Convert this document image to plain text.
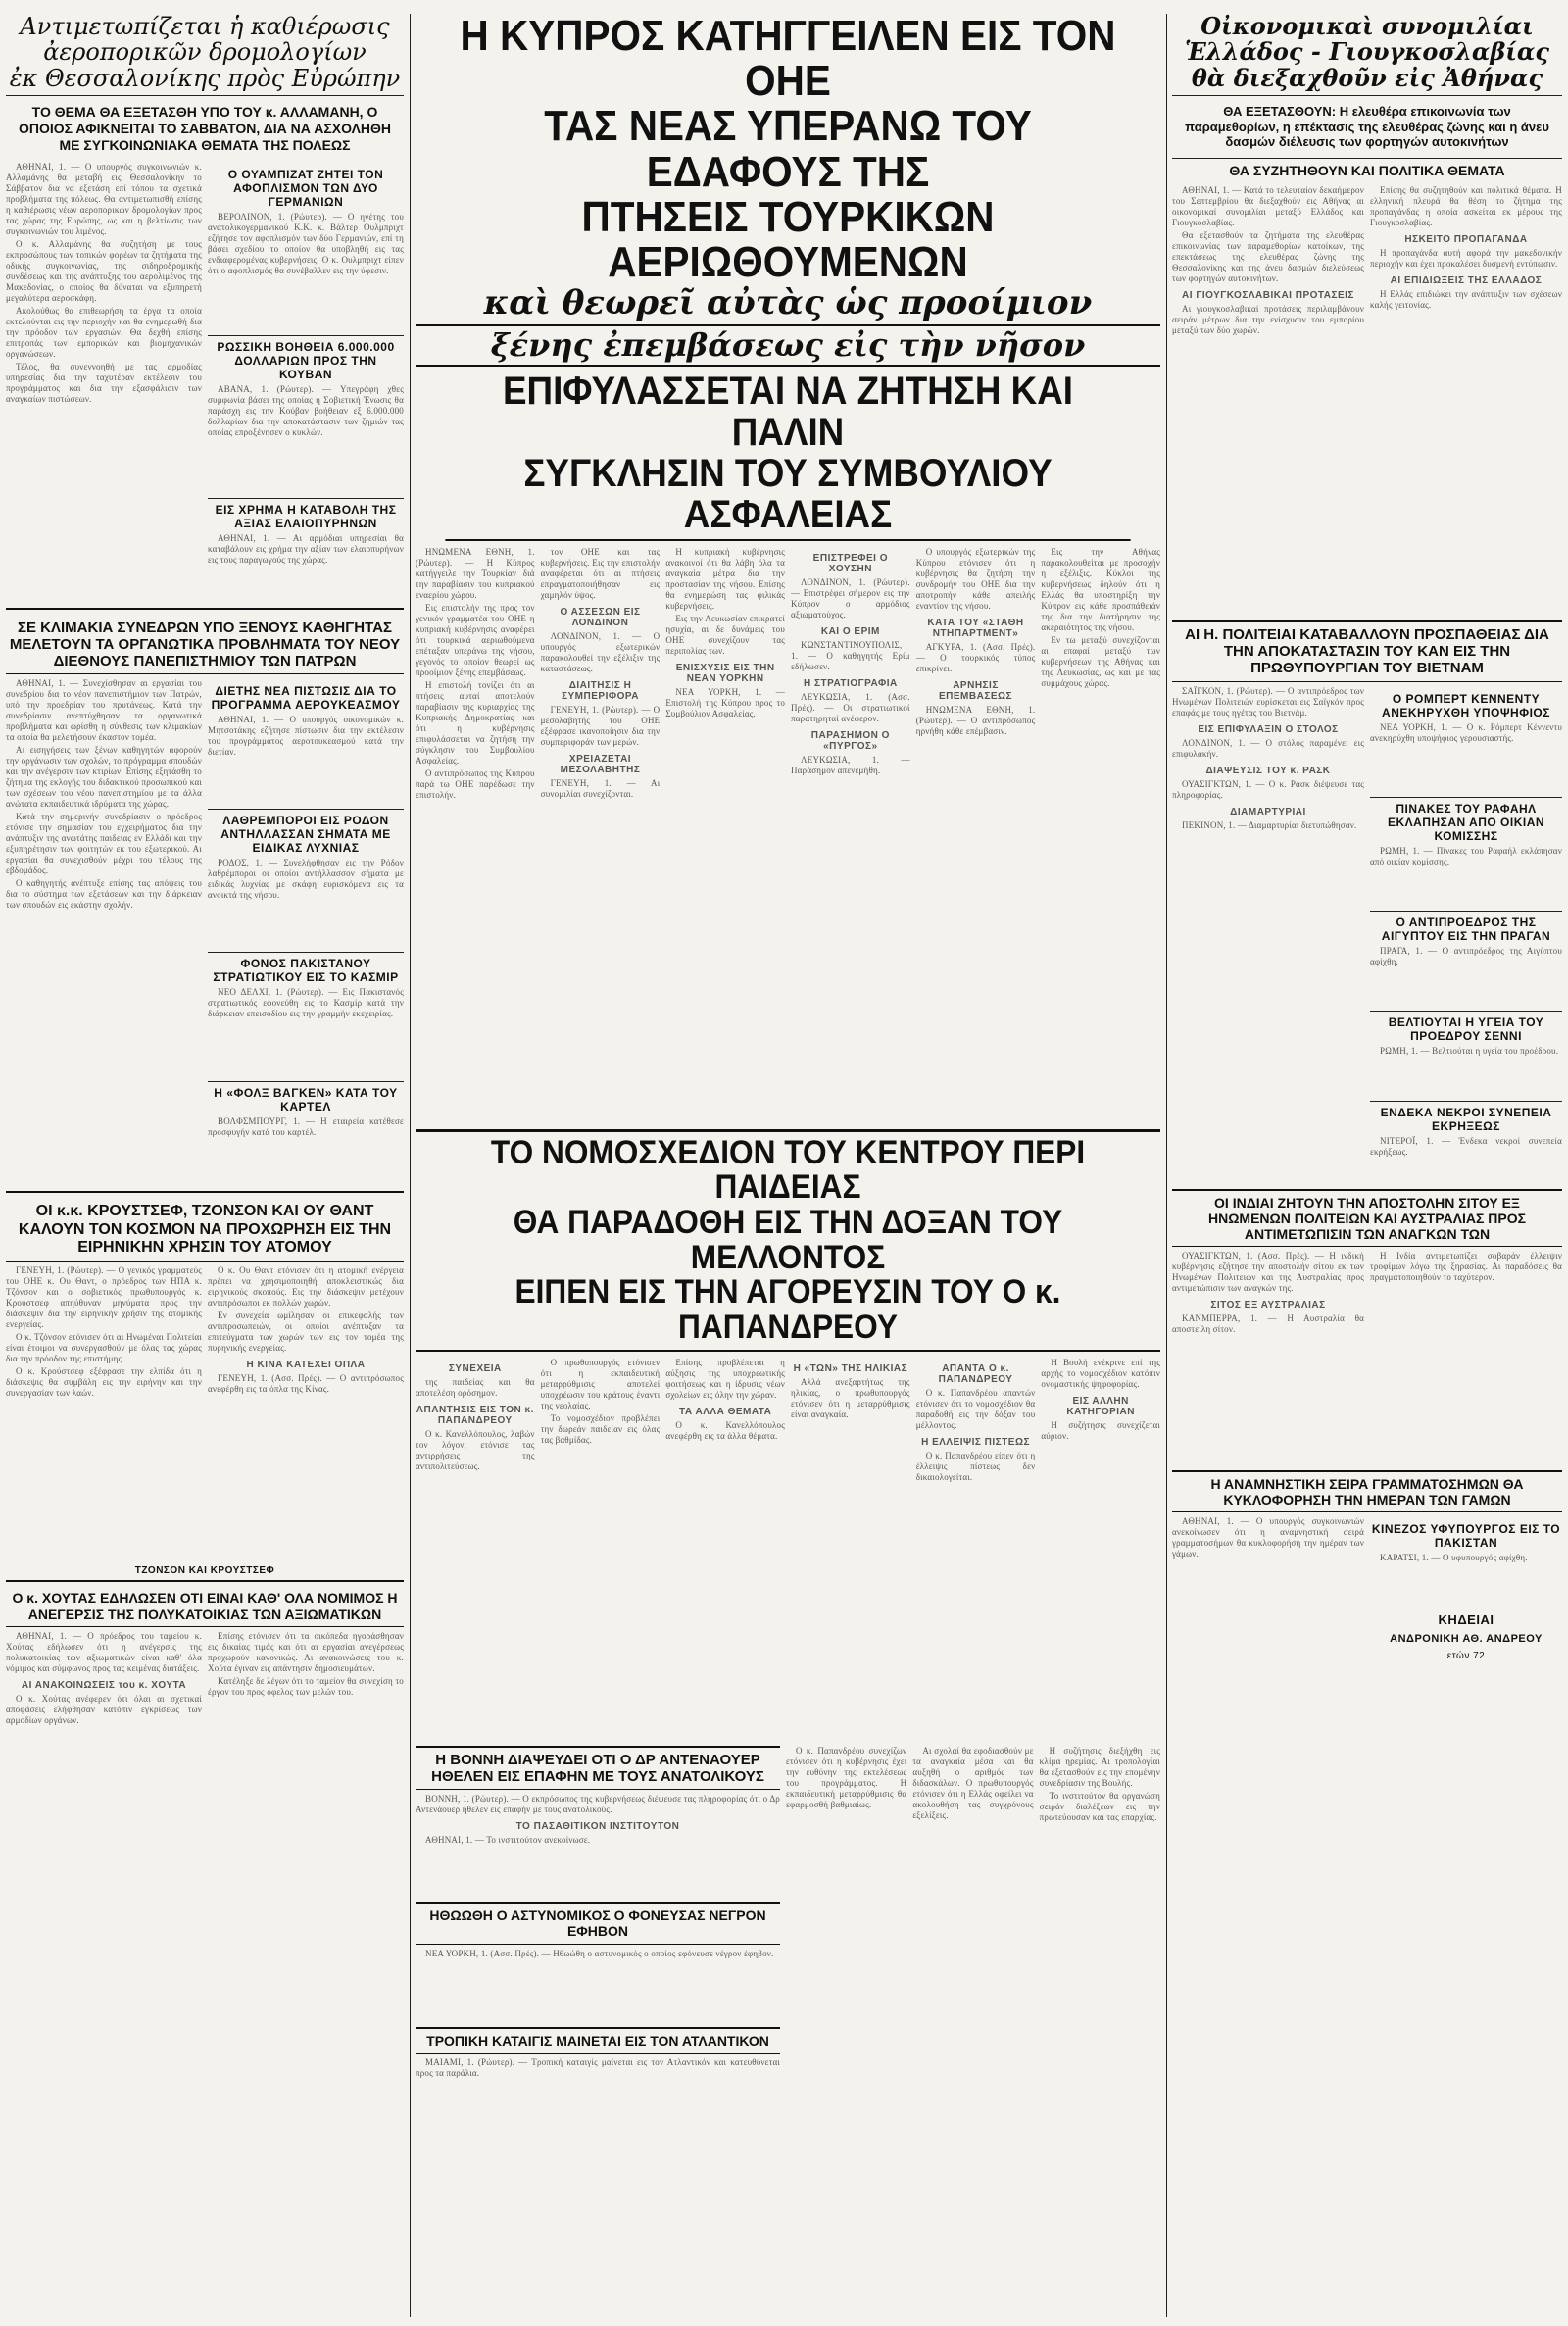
Αντιμετωπίζεται ἡ καθιέρωσις
ἀεροπορικῶν δρομολογίων
ἐκ Θεσσαλονίκης πρὸς Εὐρώπην
ΤΟ ΘΕΜΑ ΘΑ ΕΞΕΤΑΣΘΗ ΥΠΟ ΤΟΥ κ. ΑΛΛΑΜΑΝΗ, Ο ΟΠΟΙΟΣ ΑΦΙΚΝΕΙΤΑΙ ΤΟ ΣΑΒΒΑΤΟΝ, ΔΙΑ ΝΑ ΑΣΧΟΛΗΘΗ ΜΕ ΣΥΓΚΟΙΝΩΝΙΑΚΑ ΘΕΜΑΤΑ ΤΗΣ ΠΟΛΕΩΣ

ΑΘΗΝΑΙ, 1. — Ο υπουργός συγκοινωνιών κ. Αλλαμάνης θα μεταβή εις Θεσσαλονίκην το Σάββατον δια να εξετάση επί τόπου τα σχετικά προβλήματα της πόλεως. Θα αντιμετωπισθή επίσης η καθιέρωσις νέων αεροπορικών δρομολογίων προς τας χώρας της Ευρώπης, ως και η βελτίωσις των συγκοινωνιών του λιμένος.

Ο κ. Αλλαμάνης θα συζητήση με τους εκπροσώπους των τοπικών φορέων τα ζητήματα της οδικής συγκοινωνίας, της σιδηροδρομικής συνδέσεως και της ανάπτυξης του αερολιμένος της Μακεδονίας, ο οποίος θα δύναται να εξυπηρετή μεγαλύτερα αεροσκάφη.

Ακολούθως θα επιθεωρήση τα έργα τα οποία εκτελούνται εις την περιοχήν και θα ενημερωθή δια την πρόοδον των εργασιών. Θα δεχθή επίσης επιτροπάς των εμπορικών και βιομηχανικών οργανώσεων.

Τέλος, θα συνεννοηθή με τας αρμοδίας υπηρεσίας δια την ταχυτέραν εκτέλεσιν του προγράμματος και δια την εξασφάλισιν των αναγκαίων πιστώσεων.

Ο ΟΥΑΜΠΙΖΑΤ ΖΗΤΕΙ ΤΟΝ ΑΦΟΠΛΙΣΜΟΝ ΤΩΝ ΔΥΟ ΓΕΡΜΑΝΙΩΝ

ΒΕΡΟΛΙΝΟΝ, 1. (Ρώυτερ). — Ο ηγέτης του ανατολικογερμανικού Κ.Κ. κ. Βάλτερ Ουλμπριχτ εζήτησε τον αφοπλισμόν των δύο Γερμανιών, επί τη βάσει σχεδίου το οποίον θα υποβληθή εις τας ενδιαφερομένας κυβερνήσεις. Ο κ. Ουλμπριχτ είπεν ότι ο αφοπλισμός θα συνέβαλλεν εις την ύφεσιν.

ΡΩΣΣΙΚΗ ΒΟΗΘΕΙΑ 6.000.000 ΔΟΛΛΑΡΙΩΝ ΠΡΟΣ ΤΗΝ ΚΟΥΒΑΝ

ΑΒΑΝΑ, 1. (Ρώυτερ). — Υπεγράφη χθες συμφωνία βάσει της οποίας η Σοβιετική Ένωσις θα παράσχη εις την Κούβαν βοήθειαν εξ 6.000.000 δολλαρίων δια την αποκατάστασιν των ζημιών τας οποίας επροξένησεν ο κυκλών.

ΕΙΣ ΧΡΗΜΑ Η ΚΑΤΑΒΟΛΗ ΤΗΣ ΑΞΙΑΣ ΕΛΑΙΟΠΥΡΗΝΩΝ

ΑΘΗΝΑΙ, 1. — Αι αρμόδιαι υπηρεσίαι θα καταβάλουν εις χρήμα την αξίαν των ελαιοπυρήνων εις τους παραγωγούς της χώρας.

ΣΕ ΚΛΙΜΑΚΙΑ ΣΥΝΕΔΡΩΝ ΥΠΟ ΞΕΝΟΥΣ ΚΑΘΗΓΗΤΑΣ ΜΕΛΕΤΟΥΝ ΤΑ ΟΡΓΑΝΩΤΙΚΑ ΠΡΟΒΛΗΜΑΤΑ ΤΟΥ ΝΕΟΥ ΔΙΕΘΝΟΥΣ ΠΑΝΕΠΙΣΤΗΜΙΟΥ ΤΩΝ ΠΑΤΡΩΝ

ΑΘΗΝΑΙ, 1. — Συνεχίσθησαν αι εργασίαι του συνεδρίου δια το νέον πανεπιστήμιον των Πατρών, υπό την προεδρίαν του πρυτάνεως. Κατά την συνεδρίασιν ανεπτύχθησαν τα οργανωτικά προβλήματα και ωρίσθη η σύνθεσις των κλιμακίων τα οποία θα μελετήσουν έκαστον τομέα.

Αι εισηγήσεις των ξένων καθηγητών αφορούν την οργάνωσιν των σχολών, το πρόγραμμα σπουδών και την ανέγερσιν των κτιρίων. Επίσης εξητάσθη το ζήτημα της εκλογής του διδακτικού προσωπικού και των σχέσεων του νέου πανεπιστημίου με τα άλλα ανώτατα εκπαιδευτικά ιδρύματα της χώρας.

Κατά την σημερινήν συνεδρίασιν ο πρόεδρος ετόνισε την σημασίαν του εγχειρήματος δια την ανάπτυξιν της ανωτάτης παιδείας εν Ελλάδι και την εξυπηρέτησιν των φοιτητών εκ του εξωτερικού. Αι εργασίαι θα συνεχισθούν μέχρι του τέλους της εβδομάδος.

Ο καθηγητής ανέπτυξε επίσης τας απόψεις του δια το σύστημα των εξετάσεων και την διάρκειαν των σπουδών εις εκάστην σχολήν.

ΔΙΕΤΗΣ ΝΕΑ ΠΙΣΤΩΣΙΣ ΔΙΑ ΤΟ ΠΡΟΓΡΑΜΜΑ ΑΕΡΟΥΚΕΑΣΜΟΥ

ΑΘΗΝΑΙ, 1. — Ο υπουργός οικονομικών κ. Μητσοτάκης εζήτησε πίστωσιν δια την εκτέλεσιν του προγράμματος αεροτουκεασμού κατά την διετίαν.

ΛΑΘΡΕΜΠΟΡΟΙ ΕΙΣ ΡΟΔΟΝ ΑΝΤΗΛΛΑΣΣΑΝ ΣΗΜΑΤΑ ΜΕ ΕΙΔΙΚΑΣ ΛΥΧΝΙΑΣ

ΡΟΔΟΣ, 1. — Συνελήφθησαν εις την Ρόδον λαθρέμποροι οι οποίοι αντήλλασσον σήματα με ειδικάς λυχνίας με σκάφη ευρισκόμενα εις τα ανοικτά της νήσου.

ΦΟΝΟΣ ΠΑΚΙΣΤΑΝΟΥ ΣΤΡΑΤΙΩΤΙΚΟΥ ΕΙΣ ΤΟ ΚΑΣΜΙΡ

ΝΕΟ ΔΕΛΧΙ, 1. (Ρώυτερ). — Εις Πακιστανός στρατιωτικός εφονεύθη εις το Κασμίρ κατά την διάρκειαν επεισοδίου εις την γραμμήν εκεχειρίας.

Η «ΦΟΛΞ ΒΑΓΚΕΝ» ΚΑΤΑ ΤΟΥ ΚΑΡΤΕΛ

ΒΟΛΦΣΜΠΟΥΡΓ, 1. — Η εταιρεία κατέθεσε προσφυγήν κατά του καρτέλ.

ΟΙ κ.κ. ΚΡΟΥΣΤΣΕΦ, ΤΖΟΝΣΟΝ ΚΑΙ ΟΥ ΘΑΝΤ ΚΑΛΟΥΝ ΤΟΝ ΚΟΣΜΟΝ ΝΑ ΠΡΟΧΩΡΗΣΗ ΕΙΣ ΤΗΝ ΕΙΡΗΝΙΚΗΝ ΧΡΗΣΙΝ ΤΟΥ ΑΤΟΜΟΥ

ΓΕΝΕΥΗ, 1. (Ρώυτερ). — Ο γενικός γραμματεύς του ΟΗΕ κ. Ου Θαντ, ο πρόεδρος των ΗΠΑ κ. Τζόνσον και ο σοβιετικός πρωθυπουργός κ. Κρούστσεφ απηύθυναν μηνύματα προς την διάσκεψιν δια την ειρηνικήν χρήσιν της ατομικής ενεργείας.

Ο κ. Τζόνσον ετόνισεν ότι αι Ηνωμέναι Πολιτείαι είναι έτοιμοι να συνεργασθούν με όλας τας χώρας δια την πρόοδον της επιστήμης.

Ο κ. Κρούστσεφ εξέφρασε την ελπίδα ότι η διάσκεψις θα συμβάλη εις την ειρήνην και την συνεργασίαν των λαών.

Ο κ. Ου Θαντ ετόνισεν ότι η ατομική ενέργεια πρέπει να χρησιμοποιηθή αποκλειστικώς δια ειρηνικούς σκοπούς. Εις την διάσκεψιν μετέχουν αντιπρόσωποι εκ πολλών χωρών.

Εν συνεχεία ωμίλησαν οι επικεφαλής των αντιπροσωπειών, οι οποίοι ανέπτυξαν τα επιτεύγματα των χωρών των εις τον τομέα της πυρηνικής ενεργείας.

Η ΚΙΝΑ ΚΑΤΕΧΕΙ ΟΠΛΑ

ΓΕΝΕΥΗ, 1. (Ασσ. Πρές). — Ο αντιπρόσωπος ανεφέρθη εις τα όπλα της Κίνας.

ΤΖΟΝΣΟΝ ΚΑΙ ΚΡΟΥΣΤΣΕΦ
Ο κ. ΧΟΥΤΑΣ ΕΔΗΛΩΣΕΝ ΟΤΙ ΕΙΝΑΙ ΚΑΘ' ΟΛΑ ΝΟΜΙΜΟΣ Η ΑΝΕΓΕΡΣΙΣ ΤΗΣ ΠΟΛΥΚΑΤΟΙΚΙΑΣ ΤΩΝ ΑΞΙΩΜΑΤΙΚΩΝ

ΑΘΗΝΑΙ, 1. — Ο πρόεδρος του ταμείου κ. Χούτας εδήλωσεν ότι η ανέγερσις της πολυκατοικίας των αξιωματικών είναι καθ' όλα νόμιμος και σύμφωνος προς τας κειμένας διατάξεις.

ΑΙ ΑΝΑΚΟΙΝΩΣΕΙΣ του κ. ΧΟΥΤΑ

Ο κ. Χούτας ανέφερεν ότι όλαι αι σχετικαί αποφάσεις ελήφθησαν κατόπιν εγκρίσεως των αρμοδίων οργάνων.

Επίσης ετόνισεν ότι τα οικόπεδα ηγοράσθησαν εις δικαίας τιμάς και ότι αι εργασίαι ανεγέρσεως προχωρούν κανονικώς. Αι ανακοινώσεις του κ. Χούτα έγιναν εις απάντησιν δημοσιευμάτων.

Κατέληξε δε λέγων ότι το ταμείον θα συνεχίση το έργον του προς όφελος των μελών του.

Η ΚΥΠΡΟΣ ΚΑΤΗΓΓΕΙΛΕΝ ΕΙΣ ΤΟΝ ΟΗΕ
ΤΑΣ ΝΕΑΣ ΥΠΕΡΑΝΩ ΤΟΥ ΕΔΑΦΟΥΣ ΤΗΣ
ΠΤΗΣΕΙΣ ΤΟΥΡΚΙΚΩΝ ΑΕΡΙΩΘΟΥΜΕΝΩΝ
καὶ θεωρεῖ αὐτὰς ὡς προοίμιον
ξένης ἐπεμβάσεως εἰς τὴν νῆσον
ΕΠΙΦΥΛΑΣΣΕΤΑΙ ΝΑ ΖΗΤΗΣΗ ΚΑΙ ΠΑΛΙΝ
ΣΥΓΚΛΗΣΙΝ ΤΟΥ ΣΥΜΒΟΥΛΙΟΥ ΑΣΦΑΛΕΙΑΣ

ΗΝΩΜΕΝΑ ΕΘΝΗ, 1. (Ρώυτερ). — Η Κύπρος κατήγγειλε την Τουρκίαν διά την παραβίασιν του κυπριακού εναερίου χώρου.

Εις επιστολήν της προς τον γενικόν γραμματέα του ΟΗΕ η κυπριακή κυβέρνησις αναφέρει ότι τουρκικά αεριωθούμενα επέταξαν υπεράνω της νήσου, γεγονός το οποίον θεωρεί ως προοίμιον ξένης επεμβάσεως.

Η επιστολή τονίζει ότι αι πτήσεις αυταί αποτελούν παραβίασιν της κυριαρχίας της Κυπριακής Δημοκρατίας και ότι η κυβέρνησις επιφυλάσσεται να ζητήση την σύγκλησιν του Συμβουλίου Ασφαλείας.

Ο αντιπρόσωπος της Κύπρου παρά τω ΟΗΕ παρέδωσε την επιστολήν.

τον ΟΗΕ και τας κυβερνήσεις. Εις την επιστολήν αναφέρεται ότι αι πτήσεις επραγματοποιήθησαν εις χαμηλόν ύψος.

Ο ΑΣΣΕΣΩΝ ΕΙΣ ΛΟΝΔΙΝΟΝ

ΛΟΝΔΙΝΟΝ, 1. — Ο υπουργός εξωτερικών παρακολουθεί την εξέλιξιν της καταστάσεως.

ΔΙΑΙΤΗΣΙΣ Η ΣΥΜΠΕΡΙΦΟΡΑ

ΓΕΝΕΥΗ, 1. (Ρώυτερ). — Ο μεσολαβητής του ΟΗΕ εξέφρασε ικανοποίησιν δια την συμπεριφοράν των μερών.

ΧΡΕΙΑΖΕΤΑΙ ΜΕΣΟΛΑΒΗΤΗΣ

ΓΕΝΕΥΗ, 1. — Αι συνομιλίαι συνεχίζονται.

Η κυπριακή κυβέρνησις ανακοινοί ότι θα λάβη όλα τα αναγκαία μέτρα δια την προστασίαν της νήσου. Επίσης θα ενημερώση τας φιλικάς κυβερνήσεις.

Εις την Λευκωσίαν επικρατεί ησυχία, αι δε δυνάμεις του ΟΗΕ συνεχίζουν τας περιπολίας των.

ΕΝΙΣΧΥΣΙΣ ΕΙΣ ΤΗΝ ΝΕΑΝ ΥΟΡΚΗΝ

ΝΕΑ ΥΟΡΚΗ, 1. — Επιστολή της Κύπρου προς το Συμβούλιον Ασφαλείας.

ΕΠΙΣΤΡΕΦΕΙ Ο ΧΟΥΣΗΝ

ΛΟΝΔΙΝΟΝ, 1. (Ρώυτερ). — Επιστρέφει σήμερον εις την Κύπρον ο αρμόδιος αξιωματούχος.

ΚΑΙ Ο ΕΡΙΜ

ΚΩΝΣΤΑΝΤΙΝΟΥΠΟΛΙΣ, 1. — Ο καθηγητής Ερίμ εδήλωσεν.

Η ΣΤΡΑΤΙΟΓΡΑΦΙΑ

ΛΕΥΚΩΣΙΑ, 1. (Ασσ. Πρές). — Οι στρατιωτικοί παρατηρηταί ανέφερον.

ΠΑΡΑΣΗΜΟΝ Ο «ΠΥΡΓΟΣ»

ΛΕΥΚΩΣΙΑ, 1. — Παράσημον απενεμήθη.

Ο υπουργός εξωτερικών της Κύπρου ετόνισεν ότι η κυβέρνησις θα ζητήση την συνδρομήν του ΟΗΕ δια την αποτροπήν κάθε απειλής εναντίον της νήσου.

ΚΑΤΑ ΤΟΥ «ΣΤΑΘΗ ΝΤΗΠΑΡΤΜΕΝΤ»

ΑΓΚΥΡΑ, 1. (Ασσ. Πρές). — Ο τουρκικός τύπος επικρίνει.

ΑΡΝΗΣΙΣ ΕΠΕΜΒΑΣΕΩΣ

ΗΝΩΜΕΝΑ ΕΘΝΗ, 1. (Ρώυτερ). — Ο αντιπρόσωπος ηρνήθη κάθε επέμβασιν.

Εις την Αθήνας παρακολουθείται με προσοχήν η εξέλιξις. Κύκλοι της κυβερνήσεως δηλούν ότι η Ελλάς θα υποστηρίξη την Κύπρον εις κάθε προσπάθειάν της δια την διατήρησιν της ακεραιότητος της νήσου.

Εν τω μεταξύ συνεχίζονται αι επαφαί μεταξύ των κυβερνήσεων της Αθήνας και της Λευκωσίας, ως και με τας συμμάχους χώρας.

ΤΟ ΝΟΜΟΣΧΕΔΙΟΝ ΤΟΥ ΚΕΝΤΡΟΥ ΠΕΡΙ ΠΑΙΔΕΙΑΣ
ΘΑ ΠΑΡΑΔΟΘΗ ΕΙΣ ΤΗΝ ΔΟΞΑΝ ΤΟΥ ΜΕΛΛΟΝΤΟΣ
ΕΙΠΕΝ ΕΙΣ ΤΗΝ ΑΓΟΡΕΥΣΙΝ ΤΟΥ Ο κ. ΠΑΠΑΝΔΡΕΟΥ
ΣΥΝΕΧΕΙΑ

της παιδείας και θα αποτελέση ορόσημον.

ΑΠΑΝΤΗΣΙΣ ΕΙΣ ΤΟΝ κ. ΠΑΠΑΝΔΡΕΟΥ

Ο κ. Κανελλόπουλος, λαβών τον λόγον, ετόνισε τας αντιρρήσεις της αντιπολιτεύσεως.

Ο πρωθυπουργός ετόνισεν ότι η εκπαιδευτική μεταρρύθμισις αποτελεί υποχρέωσιν του κράτους έναντι της νεολαίας.

Το νομοσχέδιον προβλέπει την δωρεάν παιδείαν εις όλας τας βαθμίδας.

Επίσης προβλέπεται η αύξησις της υποχρεωτικής φοιτήσεως και η ίδρυσις νέων σχολείων εις όλην την χώραν.

ΤΑ ΑΛΛΑ ΘΕΜΑΤΑ

Ο κ. Κανελλόπουλος ανεφέρθη εις τα άλλα θέματα.

Η «ΤΩΝ» ΤΗΣ ΗΛΙΚΙΑΣ

Αλλά ανεξαρτήτως της ηλικίας, ο πρωθυπουργός ετόνισεν ότι η μεταρρύθμισις είναι αναγκαία.

ΑΠΑΝΤΑ Ο κ. ΠΑΠΑΝΔΡΕΟΥ

Ο κ. Παπανδρέου απαντών ετόνισεν ότι το νομοσχέδιον θα παραδοθή εις την δόξαν του μέλλοντος.

Η ΕΛΛΕΙΨΙΣ ΠΙΣΤΕΩΣ

Ο κ. Παπανδρέου είπεν ότι η έλλειψις πίστεως δεν δικαιολογείται.

Η Βουλή ενέκρινε επί της αρχής το νομοσχέδιον κατόπιν ονομαστικής ψηφοφορίας.

ΕΙΣ ΑΛΛΗΝ ΚΑΤΗΓΟΡΙΑΝ

Η συζήτησις συνεχίζεται αύριον.

Η ΒΟΝΝΗ ΔΙΑΨΕΥΔΕΙ ΟΤΙ Ο ΔΡ ΑΝΤΕΝΑΟΥΕΡ ΗΘΕΛΕΝ ΕΙΣ ΕΠΑΦΗΝ ΜΕ ΤΟΥΣ ΑΝΑΤΟΛΙΚΟΥΣ

ΒΟΝΝΗ, 1. (Ρώυτερ). — Ο εκπρόσωπος της κυβερνήσεως διέψευσε τας πληροφορίας ότι ο Δρ Αντενάουερ ήθελεν εις επαφήν με τους ανατολικούς.

ΤΟ ΠΑΣΑΘΙΤΙΚΟΝ ΙΝΣΤΙΤΟΥΤΟΝ

ΑΘΗΝΑΙ, 1. — Το ινστιτούτον ανεκοίνωσε.

ΗΘΩΩΘΗ Ο ΑΣΤΥΝΟΜΙΚΟΣ Ο ΦΟΝΕΥΣΑΣ ΝΕΓΡΟΝ ΕΦΗΒΟΝ

ΝΕΑ ΥΟΡΚΗ, 1. (Ασσ. Πρές). — Ηθωώθη ο αστυνομικός ο οποίος εφόνευσε νέγρον έφηβον.

ΤΡΟΠΙΚΗ ΚΑΤΑΙΓΙΣ ΜΑΙΝΕΤΑΙ ΕΙΣ ΤΟΝ ΑΤΛΑΝΤΙΚΟΝ

ΜΑΙΑΜΙ, 1. (Ρώυτερ). — Τροπική καταιγίς μαίνεται εις τον Ατλαντικόν και κατευθύνεται προς τα παράλια.

Ο κ. Παπανδρέου συνεχίζων ετόνισεν ότι η κυβέρνησις έχει την ευθύνην της εκτελέσεως του προγράμματος. Η εκπαιδευτική μεταρρύθμισις θα εφαρμοσθή βαθμιαίως.

Αι σχολαί θα εφοδιασθούν με τα αναγκαία μέσα και θα αυξηθή ο αριθμός των διδασκάλων. Ο πρωθυπουργός ετόνισεν ότι η Ελλάς οφείλει να ακολουθήση τας συγχρόνους εξελίξεις.

Η συζήτησις διεξήχθη εις κλίμα ηρεμίας. Αι τροπολογίαι θα εξετασθούν εις την επομένην συνεδρίασιν της Βουλής.

Το ινστιτούτον θα οργανώση σειράν διαλέξεων εις την πρωτεύουσαν και τας επαρχίας.

Οἰκονομικαὶ συνομιλίαι
Ἑλλάδος - Γιουγκοσλαβίας
θὰ διεξαχθοῦν εἰς Ἀθήνας
ΘΑ ΕΞΕΤΑΣΘΟΥΝ: Η ελευθέρα επικοινωνία των παραμεθορίων, η επέκτασις της ελευθέρας ζώνης και η άνευ δασμών διέλευσις των φορτηγών αυτοκινήτων
ΘΑ ΣΥΖΗΤΗΘΟΥΝ ΚΑΙ ΠΟΛΙΤΙΚΑ ΘΕΜΑΤΑ

ΑΘΗΝΑΙ, 1. — Κατά το τελευταίον δεκαήμερον του Σεπτεμβρίου θα διεξαχθούν εις Αθήνας αι οικονομικαί συνομιλίαι μεταξύ Ελλάδος και Γιουγκοσλαβίας.

Θα εξετασθούν τα ζητήματα της ελευθέρας επικοινωνίας των παραμεθορίων κατοίκων, της επεκτάσεως της ελευθέρας ζώνης της Θεσσαλονίκης και της άνευ δασμών διελεύσεως των φορτηγών αυτοκινήτων.

ΑΙ ΓΙΟΥΓΚΟΣΛΑΒΙΚΑΙ ΠΡΟΤΑΣΕΙΣ

Αι γιουγκοσλαβικαί προτάσεις περιλαμβάνουν σειράν μέτρων δια την ενίσχυσιν του εμπορίου μεταξύ των δύο χωρών.

Επίσης θα συζητηθούν και πολιτικά θέματα. Η ελληνική πλευρά θα θέση το ζήτημα της προπαγάνδας η οποία ασκείται εκ μέρους της Γιουγκοσλαβίας.

ΗΣΚΕΙΤΟ ΠΡΟΠΑΓΑΝΔΑ

Η προπαγάνδα αυτή αφορά την μακεδονικήν περιοχήν και έχει προκαλέσει δυσμενή εντύπωσιν.

ΑΙ ΕΠΙΔΙΩΞΕΙΣ ΤΗΣ ΕΛΛΑΔΟΣ

Η Ελλάς επιδιώκει την ανάπτυξιν των σχέσεων καλής γειτονίας.

ΑΙ Η. ΠΟΛΙΤΕΙΑΙ ΚΑΤΑΒΑΛΛΟΥΝ ΠΡΟΣΠΑΘΕΙΑΣ ΔΙΑ ΤΗΝ ΑΠΟΚΑΤΑΣΤΑΣΙΝ ΤΟΥ ΚΑΝ ΕΙΣ ΤΗΝ ΠΡΩΘΥΠΟΥΡΓΙΑΝ ΤΟΥ ΒΙΕΤΝΑΜ

ΣΑΪΓΚΟΝ, 1. (Ρώυτερ). — Ο αντιπρόεδρος των Ηνωμένων Πολιτειών ευρίσκεται εις Σαϊγκόν προς επαφάς με τους ηγέτας του Βιετνάμ.

ΕΙΣ ΕΠΙΦΥΛΑΞΙΝ Ο ΣΤΟΛΟΣ

ΛΟΝΔΙΝΟΝ, 1. — Ο στόλος παραμένει εις επιφυλακήν.

ΔΙΑΨΕΥΣΙΣ ΤΟΥ κ. ΡΑΣΚ

ΟΥΑΣΙΓΚΤΩΝ, 1. — Ο κ. Ράσκ διέψευσε τας πληροφορίας.

ΔΙΑΜΑΡΤΥΡΙΑΙ

ΠΕΚΙΝΟΝ, 1. — Διαμαρτυρίαι διετυπώθησαν.

Ο ΡΟΜΠΕΡΤ ΚΕΝΝΕΝΤΥ ΑΝΕΚΗΡΥΧΘΗ ΥΠΟΨΗΦΙΟΣ

ΝΕΑ ΥΟΡΚΗ, 1. — Ο κ. Ρόμπερτ Κέννεντυ ανεκηρύχθη υποψήφιος γερουσιαστής.

ΠΙΝΑΚΕΣ ΤΟΥ ΡΑΦΑΗΛ ΕΚΛΑΠΗΣΑΝ ΑΠΟ ΟΙΚΙΑΝ ΚΟΜΙΣΣΗΣ

ΡΩΜΗ, 1. — Πίνακες του Ραφαήλ εκλάπησαν από οικίαν κομίσσης.

Ο ΑΝΤΙΠΡΟΕΔΡΟΣ ΤΗΣ ΑΙΓΥΠΤΟΥ ΕΙΣ ΤΗΝ ΠΡΑΓΑΝ

ΠΡΑΓΑ, 1. — Ο αντιπρόεδρος της Αιγύπτου αφίχθη.

ΒΕΛΤΙΟΥΤΑΙ Η ΥΓΕΙΑ ΤΟΥ ΠΡΟΕΔΡΟΥ ΣΕΝΝΙ

ΡΩΜΗ, 1. — Βελτιούται η υγεία του προέδρου.

ΕΝΔΕΚΑ ΝΕΚΡΟΙ ΣΥΝΕΠΕΙΑ ΕΚΡΗΞΕΩΣ

ΝΙΤΕΡΟΪ, 1. — Ένδεκα νεκροί συνεπεία εκρήξεως.

ΟΙ ΙΝΔΙΑΙ ΖΗΤΟΥΝ ΤΗΝ ΑΠΟΣΤΟΛΗΝ ΣΙΤΟΥ ΕΞ ΗΝΩΜΕΝΩΝ ΠΟΛΙΤΕΙΩΝ ΚΑΙ ΑΥΣΤΡΑΛΙΑΣ ΠΡΟΣ ΑΝΤΙΜΕΤΩΠΙΣΙΝ ΤΩΝ ΑΝΑΓΚΩΝ ΤΩΝ

ΟΥΑΣΙΓΚΤΩΝ, 1. (Ασσ. Πρές). — Η ινδική κυβέρνησις εζήτησε την αποστολήν σίτου εκ των Ηνωμένων Πολιτειών και της Αυστραλίας προς αντιμετώπισιν των αναγκών της.

ΣΙΤΟΣ ΕΞ ΑΥΣΤΡΑΛΙΑΣ

ΚΑΝΜΠΕΡΡΑ, 1. — Η Αυστραλία θα αποστείλη σίτον.

Η Ινδία αντιμετωπίζει σοβαράν έλλειψιν τροφίμων λόγω της ξηρασίας. Αι παραδόσεις θα πραγματοποιηθούν το ταχύτερον.

Η ΑΝΑΜΝΗΣΤΙΚΗ ΣΕΙΡΑ ΓΡΑΜΜΑΤΟΣΗΜΩΝ ΘΑ ΚΥΚΛΟΦΟΡΗΣΗ ΤΗΝ ΗΜΕΡΑΝ ΤΩΝ ΓΑΜΩΝ

ΑΘΗΝΑΙ, 1. — Ο υπουργός συγκοινωνιών ανεκοίνωσεν ότι η αναμνηστική σειρά γραμματοσήμων θα κυκλοφορήση την ημέραν των γάμων.

ΚΙΝΕΖΟΣ ΥΦΥΠΟΥΡΓΟΣ ΕΙΣ ΤΟ ΠΑΚΙΣΤΑΝ

ΚΑΡΑΤΣΙ, 1. — Ο υφυπουργός αφίχθη.

ΚΗΔΕΙΑΙ
ΑΝΔΡΟΝΙΚΗ ΑΘ. ΑΝΔΡΕΟΥ
ετών 72
